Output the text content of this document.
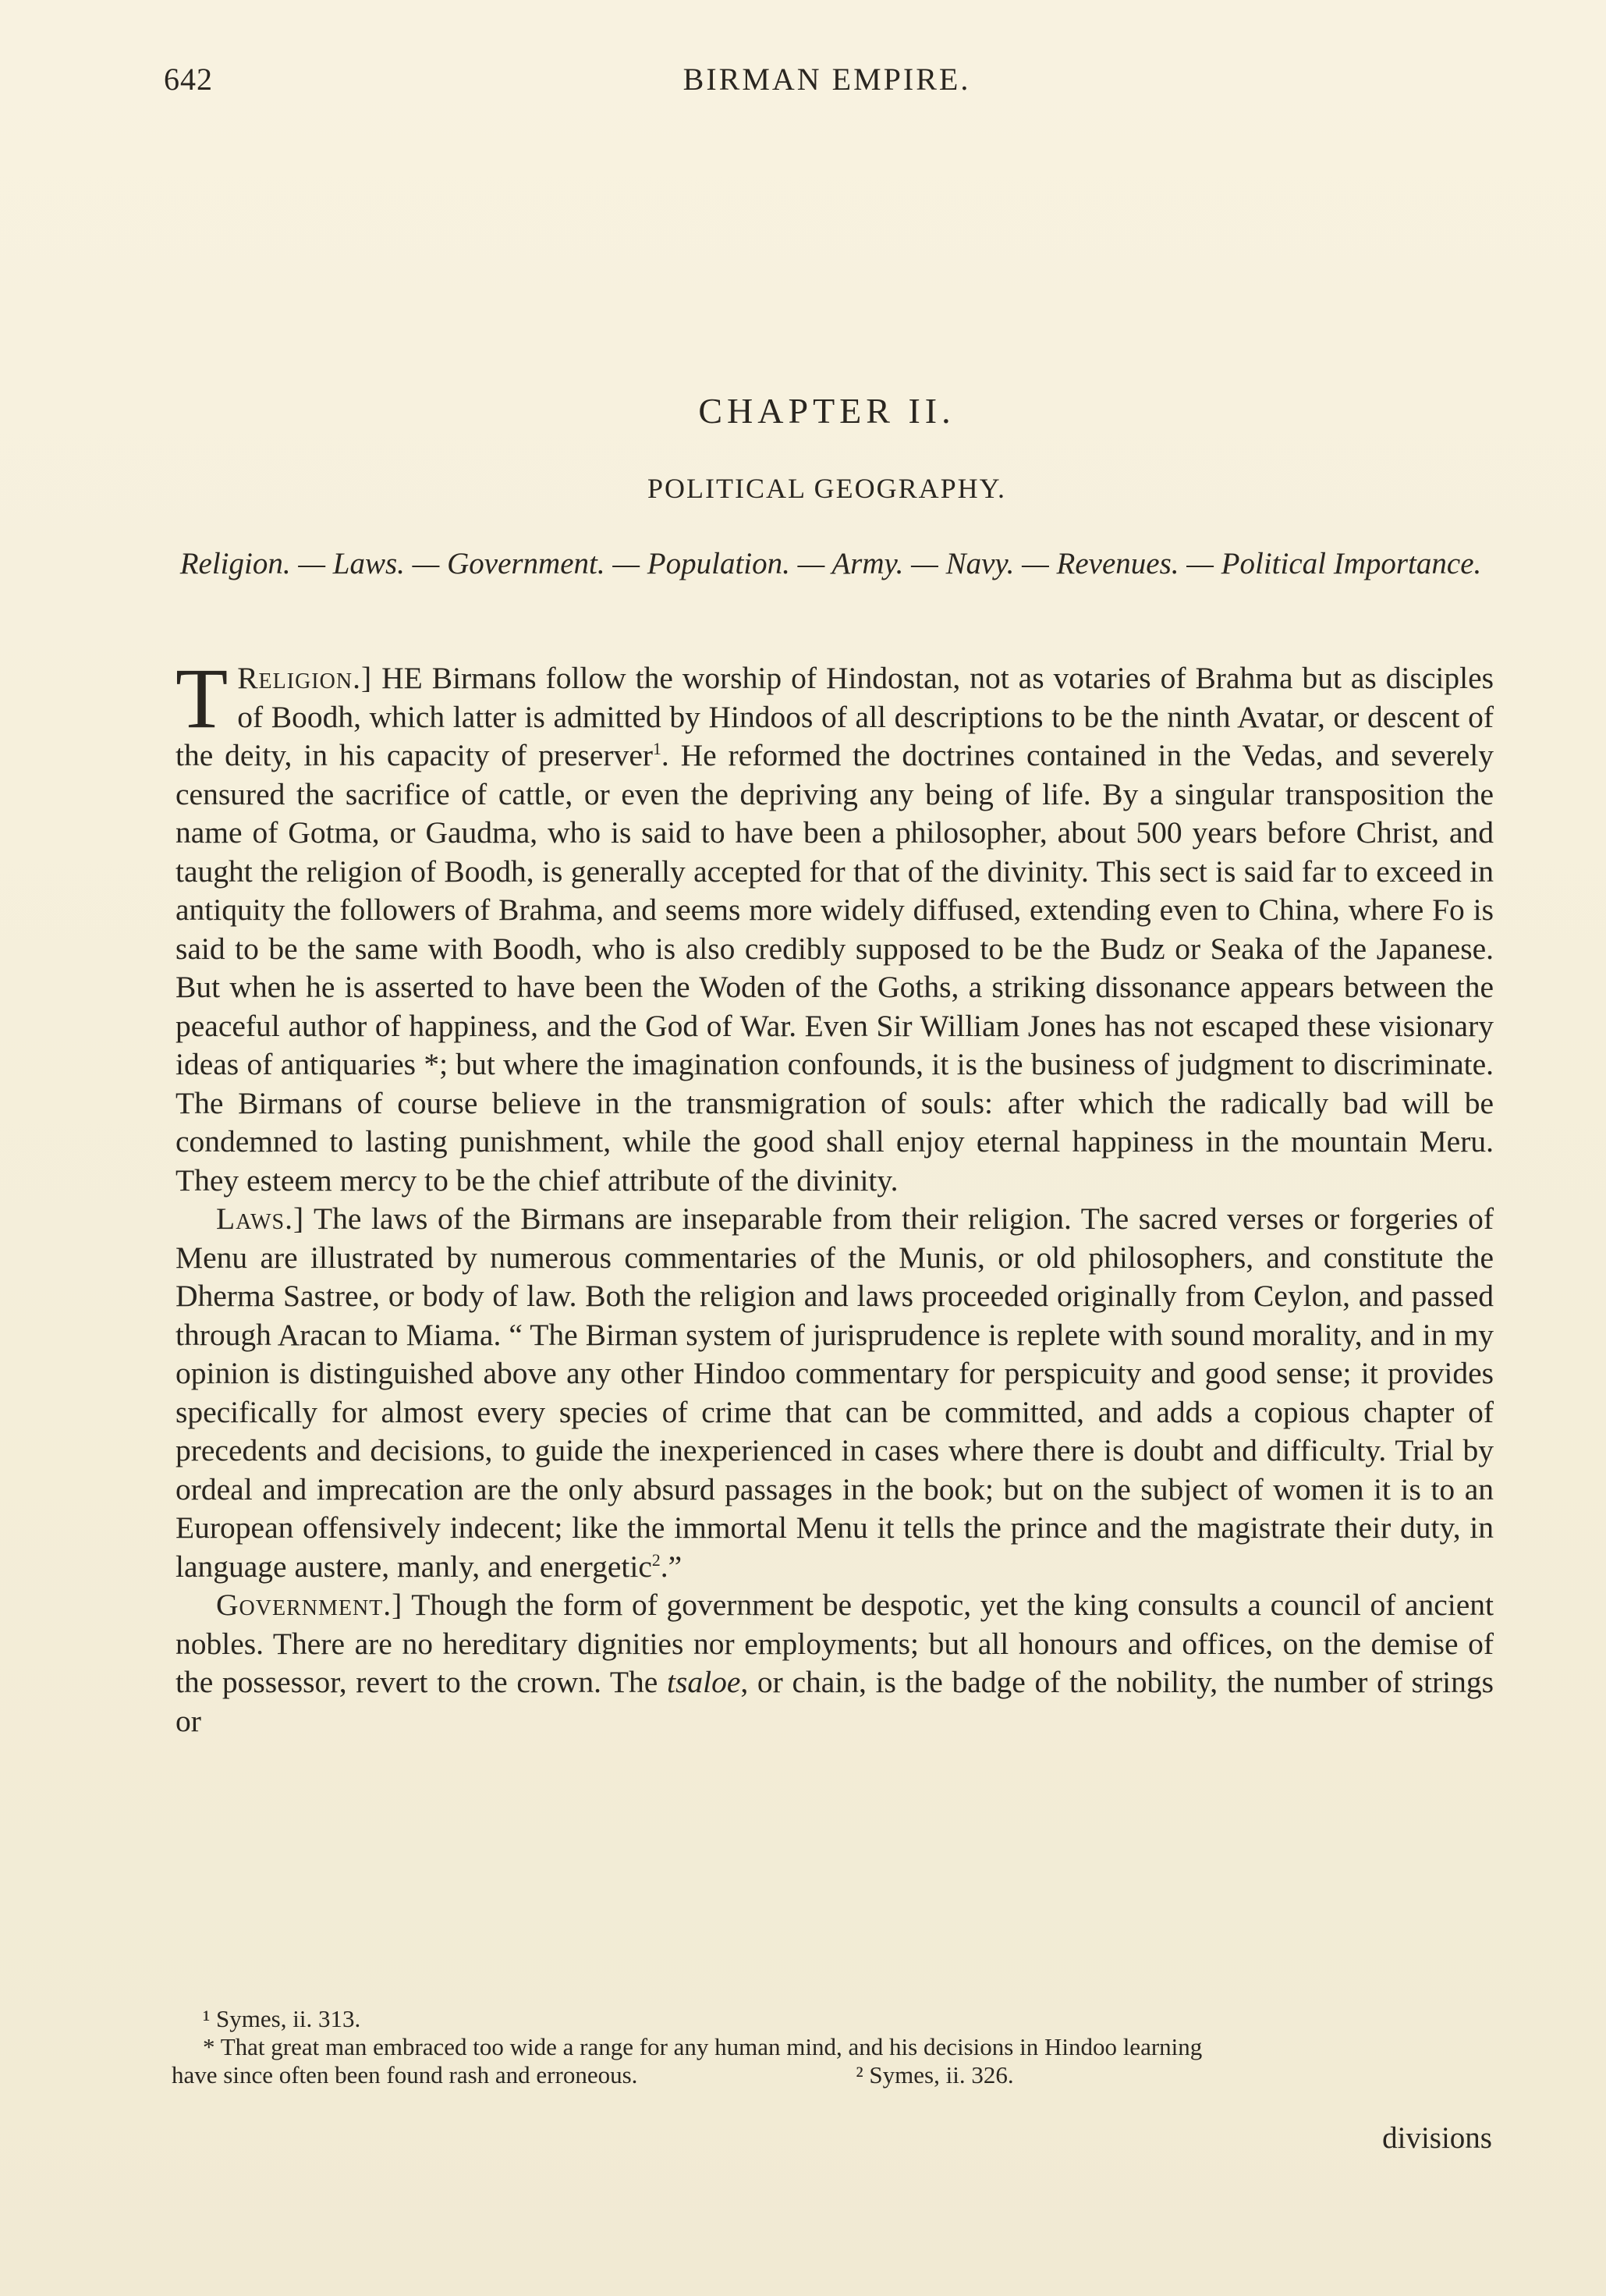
642	BIRMAN EMPIRE.
CHAPTER II.
POLITICAL GEOGRAPHY.
Religion. — Laws. — Government. — Population. — Army. — Navy. — Revenues. — Political Importance.

Religion.]
T	HE Birmans follow the worship of Hindostan, not as votaries of Brahma but as disciples of Boodh, which latter is admitted by Hindoos of all descriptions to be the ninth Avatar, or descent of the deity, in his capacity of preserver$^1$. He reformed the doctrines contained in the Vedas, and severely censured the sacrifice of cattle, or even the depriving any being of life. By a singular transposition the name of Gotma, or Gaudma, who is said to have been a philosopher, about 500 years before Christ, and taught the religion of Boodh, is generally accepted for that of the divinity. This sect is said far to exceed in antiquity the followers of Brahma, and seems more widely diffused, extending even to China, where Fo is said to be the same with Boodh, who is also credibly supposed to be the Budz or Seaka of the Japanese. But when he is asserted to have been the Woden of the Goths, a striking dissonance appears between the peaceful author of happiness, and the God of War. Even Sir William Jones has not escaped these visionary ideas of antiquaries *; but where the imagination confounds, it is the business of judgment to discriminate. The Birmans of course believe in the transmigration of souls: after which the radically bad will be condemned to lasting punishment, while the good shall enjoy eternal happiness in the mountain Meru. They esteem mercy to be the chief attribute of the divinity.

Laws.] The laws of the Birmans are inseparable from their religion. The sacred verses or forgeries of Menu are illustrated by numerous commentaries of the Munis, or old philosophers, and constitute the Dherma Sastree, or body of law. Both the religion and laws proceeded originally from Ceylon, and passed through Aracan to Miama. “ The Birman system of jurisprudence is replete with sound morality, and in my opinion is distinguished above any other Hindoo commentary for perspicuity and good sense; it provides specifically for almost every species of crime that can be committed, and adds a copious chapter of precedents and decisions, to guide the inexperienced in cases where there is doubt and difficulty. Trial by ordeal and imprecation are the only absurd passages in the book; but on the subject of women it is to an European offensively indecent; like the immortal Menu it tells the prince and the magistrate their duty, in language austere, manly, and energetic$^2$.”

Government.] Though the form of government be despotic, yet the king consults a council of ancient nobles. There are no hereditary dignities nor employments; but all honours and offices, on the demise of the possessor, revert to the crown. The tsaloe, or chain, is the badge of the nobility, the number of strings or

¹ Symes, ii. 313.
* That great man embraced too wide a range for any human mind, and his decisions in Hindoo learning
have since often been found rash and erroneous.	² Symes, ii. 326.
divisions
